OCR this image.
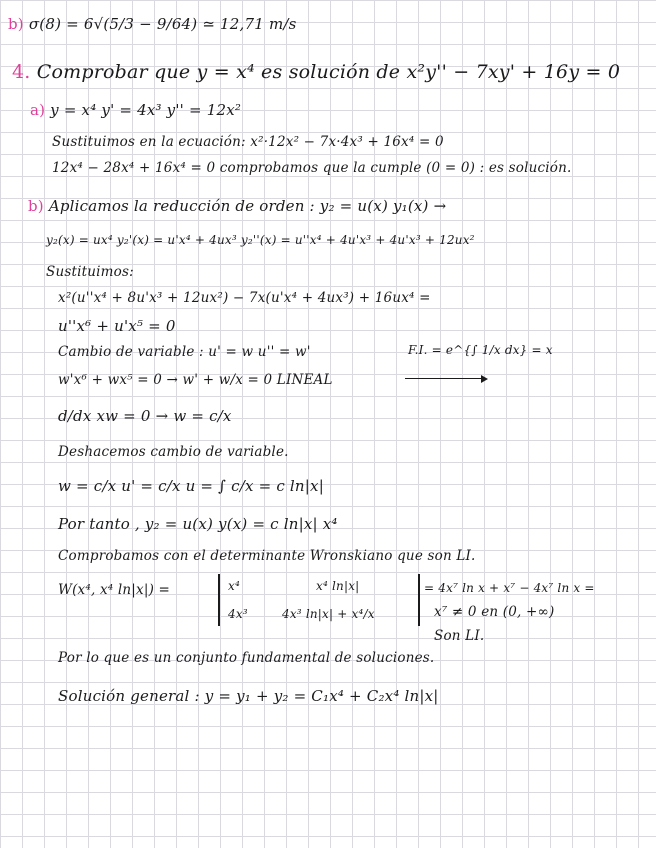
b) σ(8) = 6√(5/3 − 9/64) ≃ 12,71 m/s
4. Comprobar que y = x⁴ es solución de x²y'' − 7xy' + 16y = 0
a) y = x⁴ y' = 4x³ y'' = 12x²
Sustituimos en la ecuación: x²·12x² − 7x·4x³ + 16x⁴ = 0
12x⁴ − 28x⁴ + 16x⁴ = 0 comprobamos que la cumple (0 = 0) : es solución.
b) Aplicamos la reducción de orden : y₂ = u(x) y₁(x) →
y₂(x) = ux⁴ y₂'(x) = u'x⁴ + 4ux³ y₂''(x) = u''x⁴ + 4u'x³ + 4u'x³ + 12ux²
Sustituimos:
x²(u''x⁴ + 8u'x³ + 12ux²) − 7x(u'x⁴ + 4ux³) + 16ux⁴ =
u''x⁶ + u'x⁵ = 0
Cambio de variable : u' = w u'' = w'	F.I. = e^{∫ 1/x dx} = x
w'x⁶ + wx⁵ = 0 → w' + w/x = 0 LINEAL
d/dx xw = 0 → w = c/x
Deshacemos cambio de variable.
w = c/x u' = c/x u = ∫ c/x = c ln|x|
Por tanto , y₂ = u(x) y(x) = c ln|x| x⁴
Comprobamos con el determinante Wronskiano que son LI.
W(x⁴, x⁴ ln|x|) =	x⁴	x⁴ ln|x|
4x³	4x³ ln|x| + x⁴/x
= 4x⁷ ln x + x⁷ − 4x⁷ ln x =
x⁷ ≠ 0 en (0, +∞)
Son LI.
Por lo que es un conjunto fundamental de soluciones.
Solución general : y = y₁ + y₂ = C₁x⁴ + C₂x⁴ ln|x|
